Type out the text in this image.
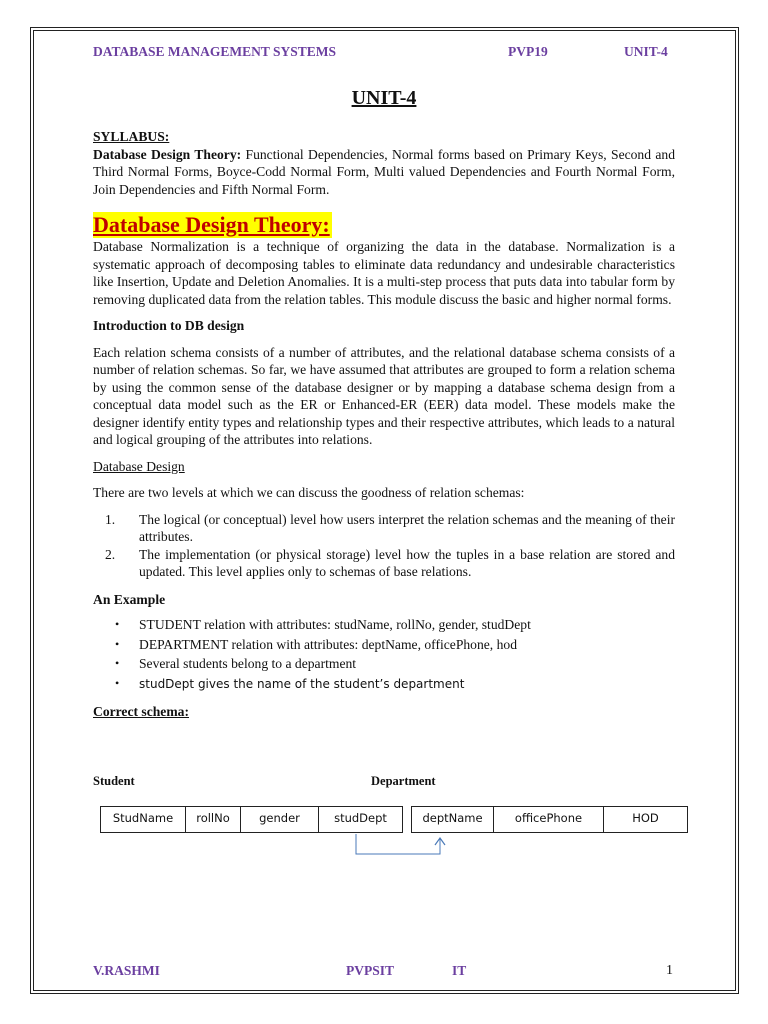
DATABASE MANAGEMENT SYSTEMS	PVP19	UNIT-4

UNIT-4

SYLLABUS:

Database Design Theory: Functional Dependencies, Normal forms based on Primary Keys, Second and Third Normal Forms, Boyce-Codd Normal Form, Multi valued Dependencies and Fourth Normal Form, Join Dependencies and Fifth Normal Form.

Database Design Theory:

Database Normalization is a technique of organizing the data in the database. Normalization is a systematic approach of decomposing tables to eliminate data redundancy and undesirable characteristics like Insertion, Update and Deletion Anomalies. It is a multi-step process that puts data into tabular form by removing duplicated data from the relation tables. This module discuss the basic and higher normal forms.

Introduction to DB design

Each relation schema consists of a number of attributes, and the relational database schema consists of a number of relation schemas. So far, we have assumed that attributes are grouped to form a relation schema by using the common sense of the database designer or by mapping a database schema design from a conceptual data model such as the ER or Enhanced-ER (EER) data model. These models make the designer identify entity types and relationship types and their respective attributes, which leads to a natural and logical grouping of the attributes into relations.

Database Design

There are two levels at which we can discuss the goodness of relation schemas:

1. The logical (or conceptual) level how users interpret the relation schemas and the meaning of their attributes.
2. The implementation (or physical storage) level how the tuples in a base relation are stored and updated. This level applies only to schemas of base relations.

An Example

• STUDENT relation with attributes: studName, rollNo, gender, studDept
• DEPARTMENT relation with attributes: deptName, officePhone, hod
• Several students belong to a department
• studDept gives the name of the student’s department

Correct schema:

Student	Department
StudName	rollNo	gender	studDept	deptName	officePhone	HOD
V.RASHMI	PVPSIT	IT	1
